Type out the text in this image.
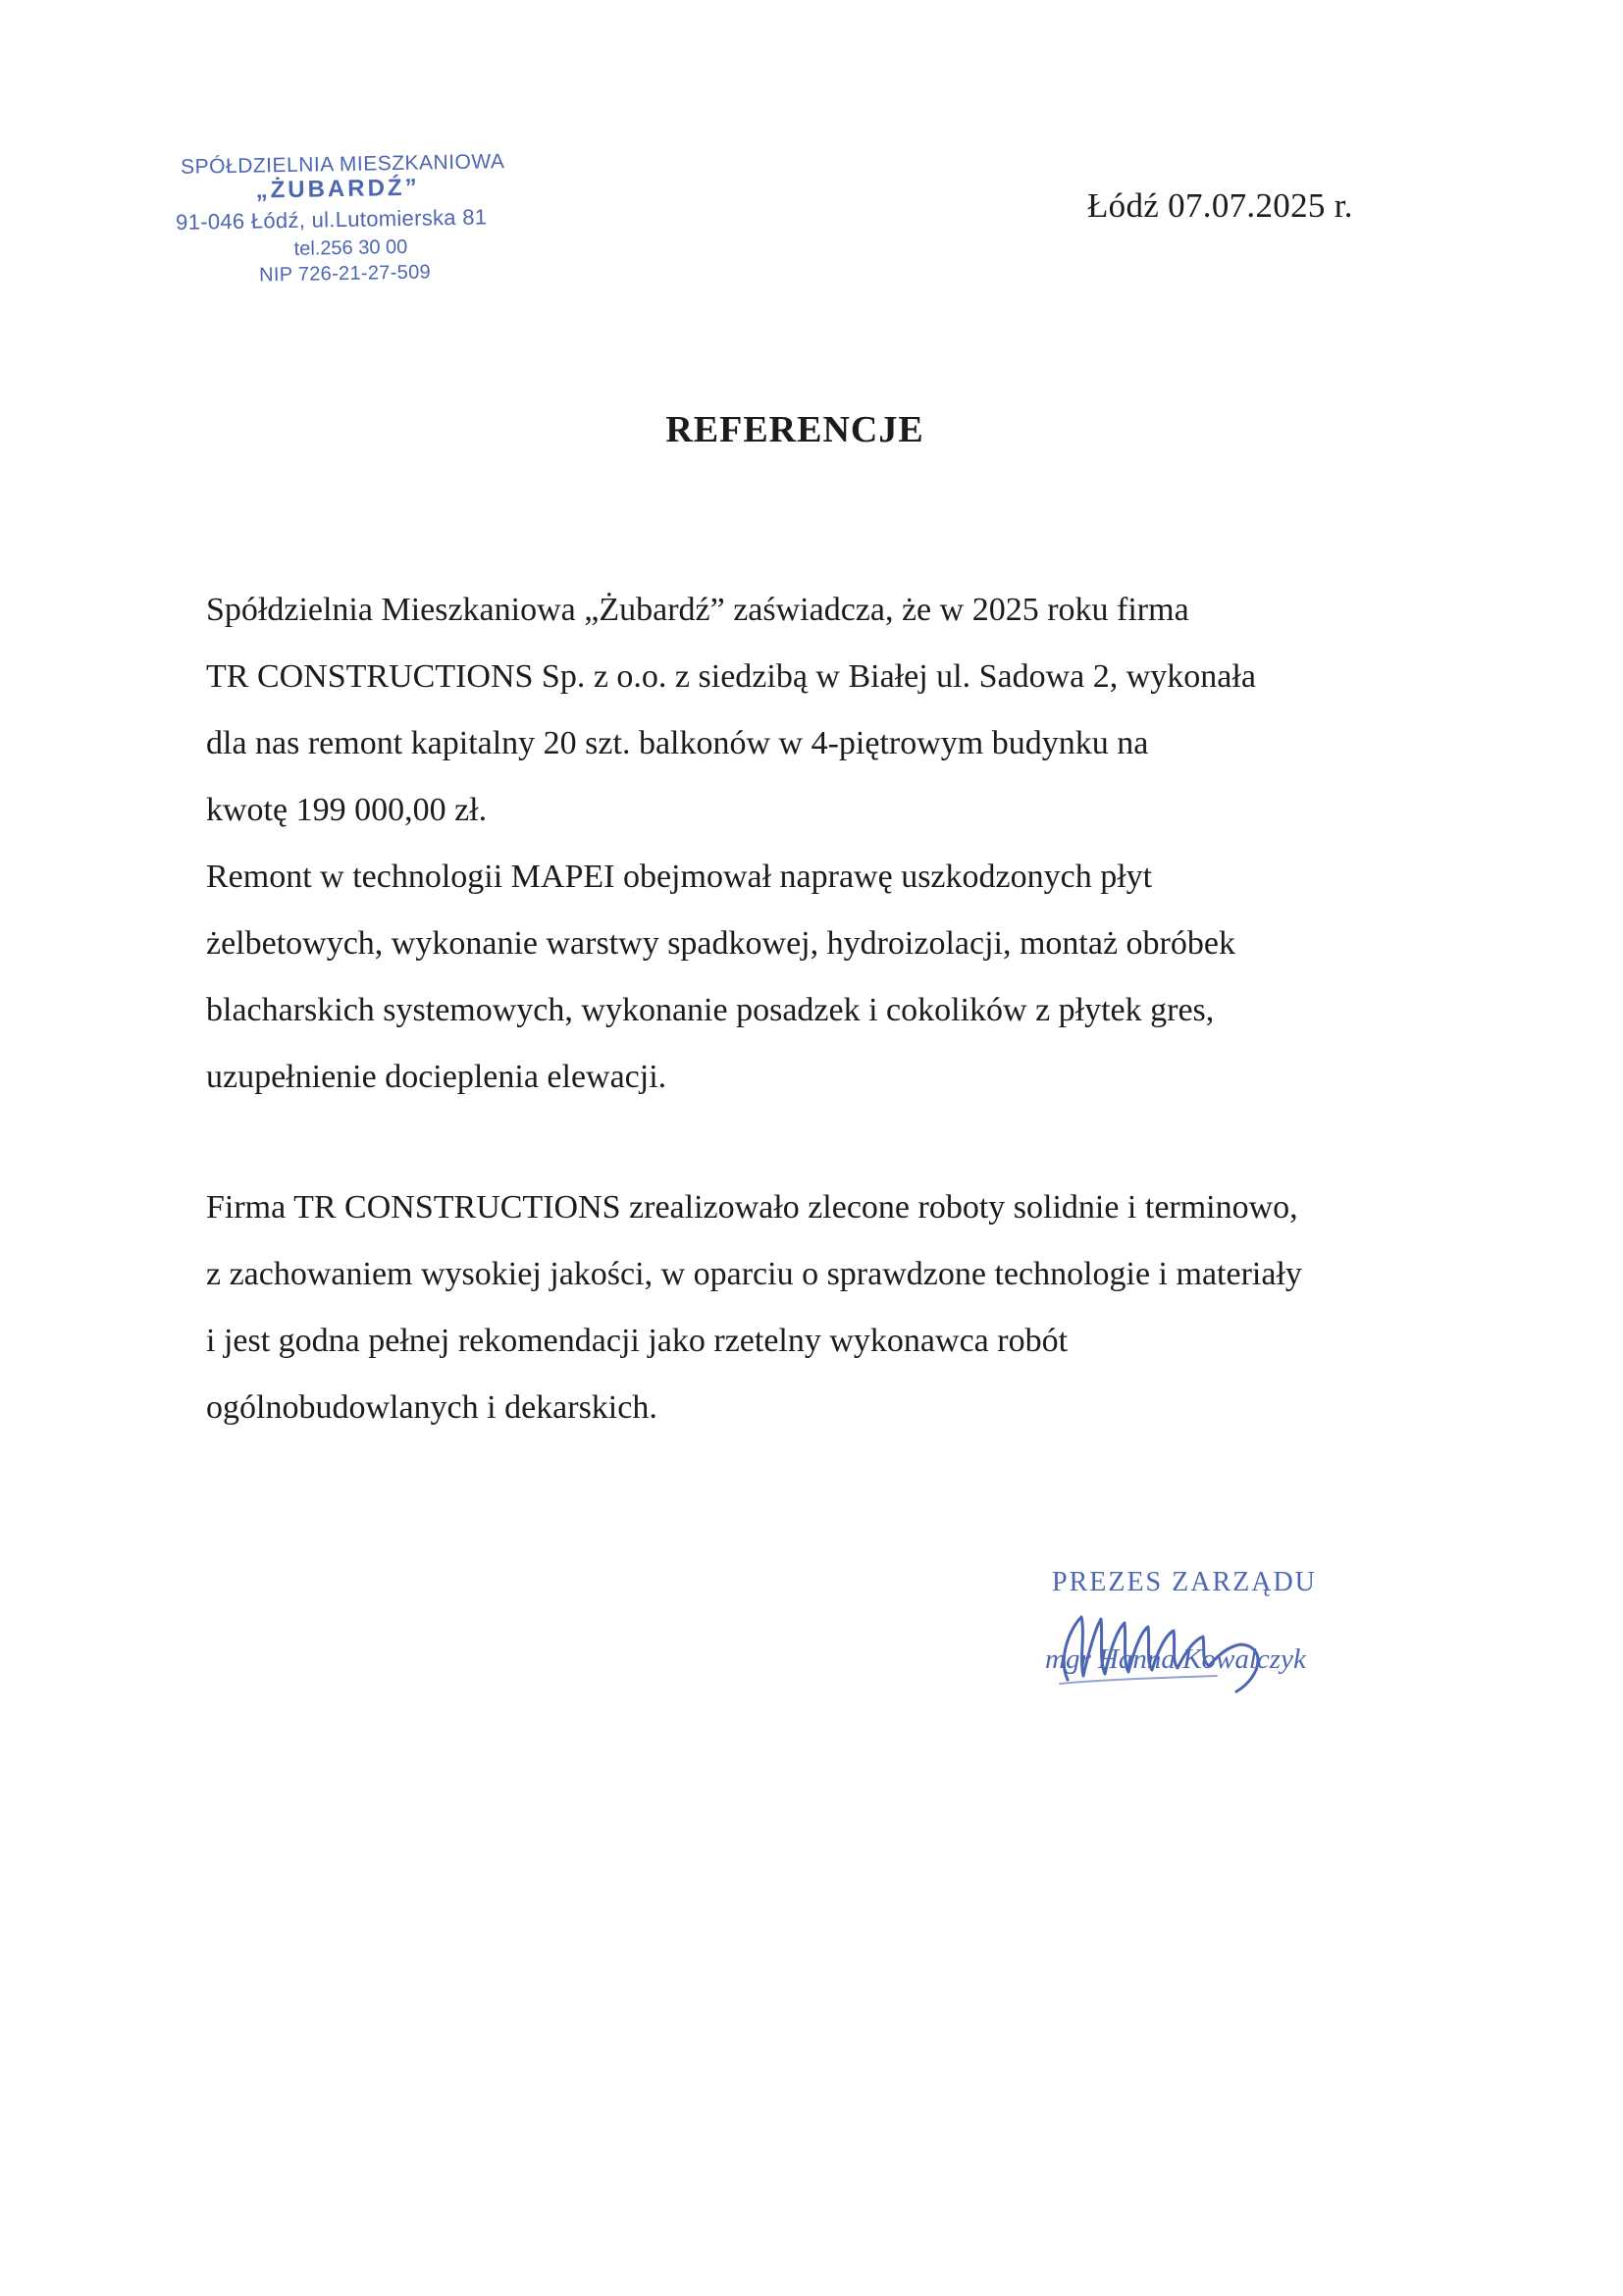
SPÓŁDZIELNIA MIESZKANIOWA
„ŻUBARDŹ”
91-046 Łódź, ul.Lutomierska 81
tel.256 30 00
NIP 726-21-27-509
Łódź 07.07.2025 r.
REFERENCJE
Spółdzielnia Mieszkaniowa „Żubardź” zaświadcza, że w 2025 roku firma
TR CONSTRUCTIONS Sp. z o.o. z siedzibą w Białej ul. Sadowa 2, wykonała
dla nas remont kapitalny 20 szt. balkonów w 4-piętrowym budynku na
kwotę 199 000,00 zł.
Remont w technologii MAPEI obejmował naprawę uszkodzonych płyt
żelbetowych, wykonanie warstwy spadkowej, hydroizolacji, montaż obróbek
blacharskich systemowych, wykonanie posadzek i cokolików z płytek gres,
uzupełnienie docieplenia elewacji.
Firma TR CONSTRUCTIONS zrealizowało zlecone roboty solidnie i terminowo,
z zachowaniem wysokiej jakości, w oparciu o sprawdzone technologie i materiały
i jest godna pełnej rekomendacji jako rzetelny wykonawca robót
ogólnobudowlanych i dekarskich.
PREZES ZARZĄDU
mgr Hanna Kowalczyk
